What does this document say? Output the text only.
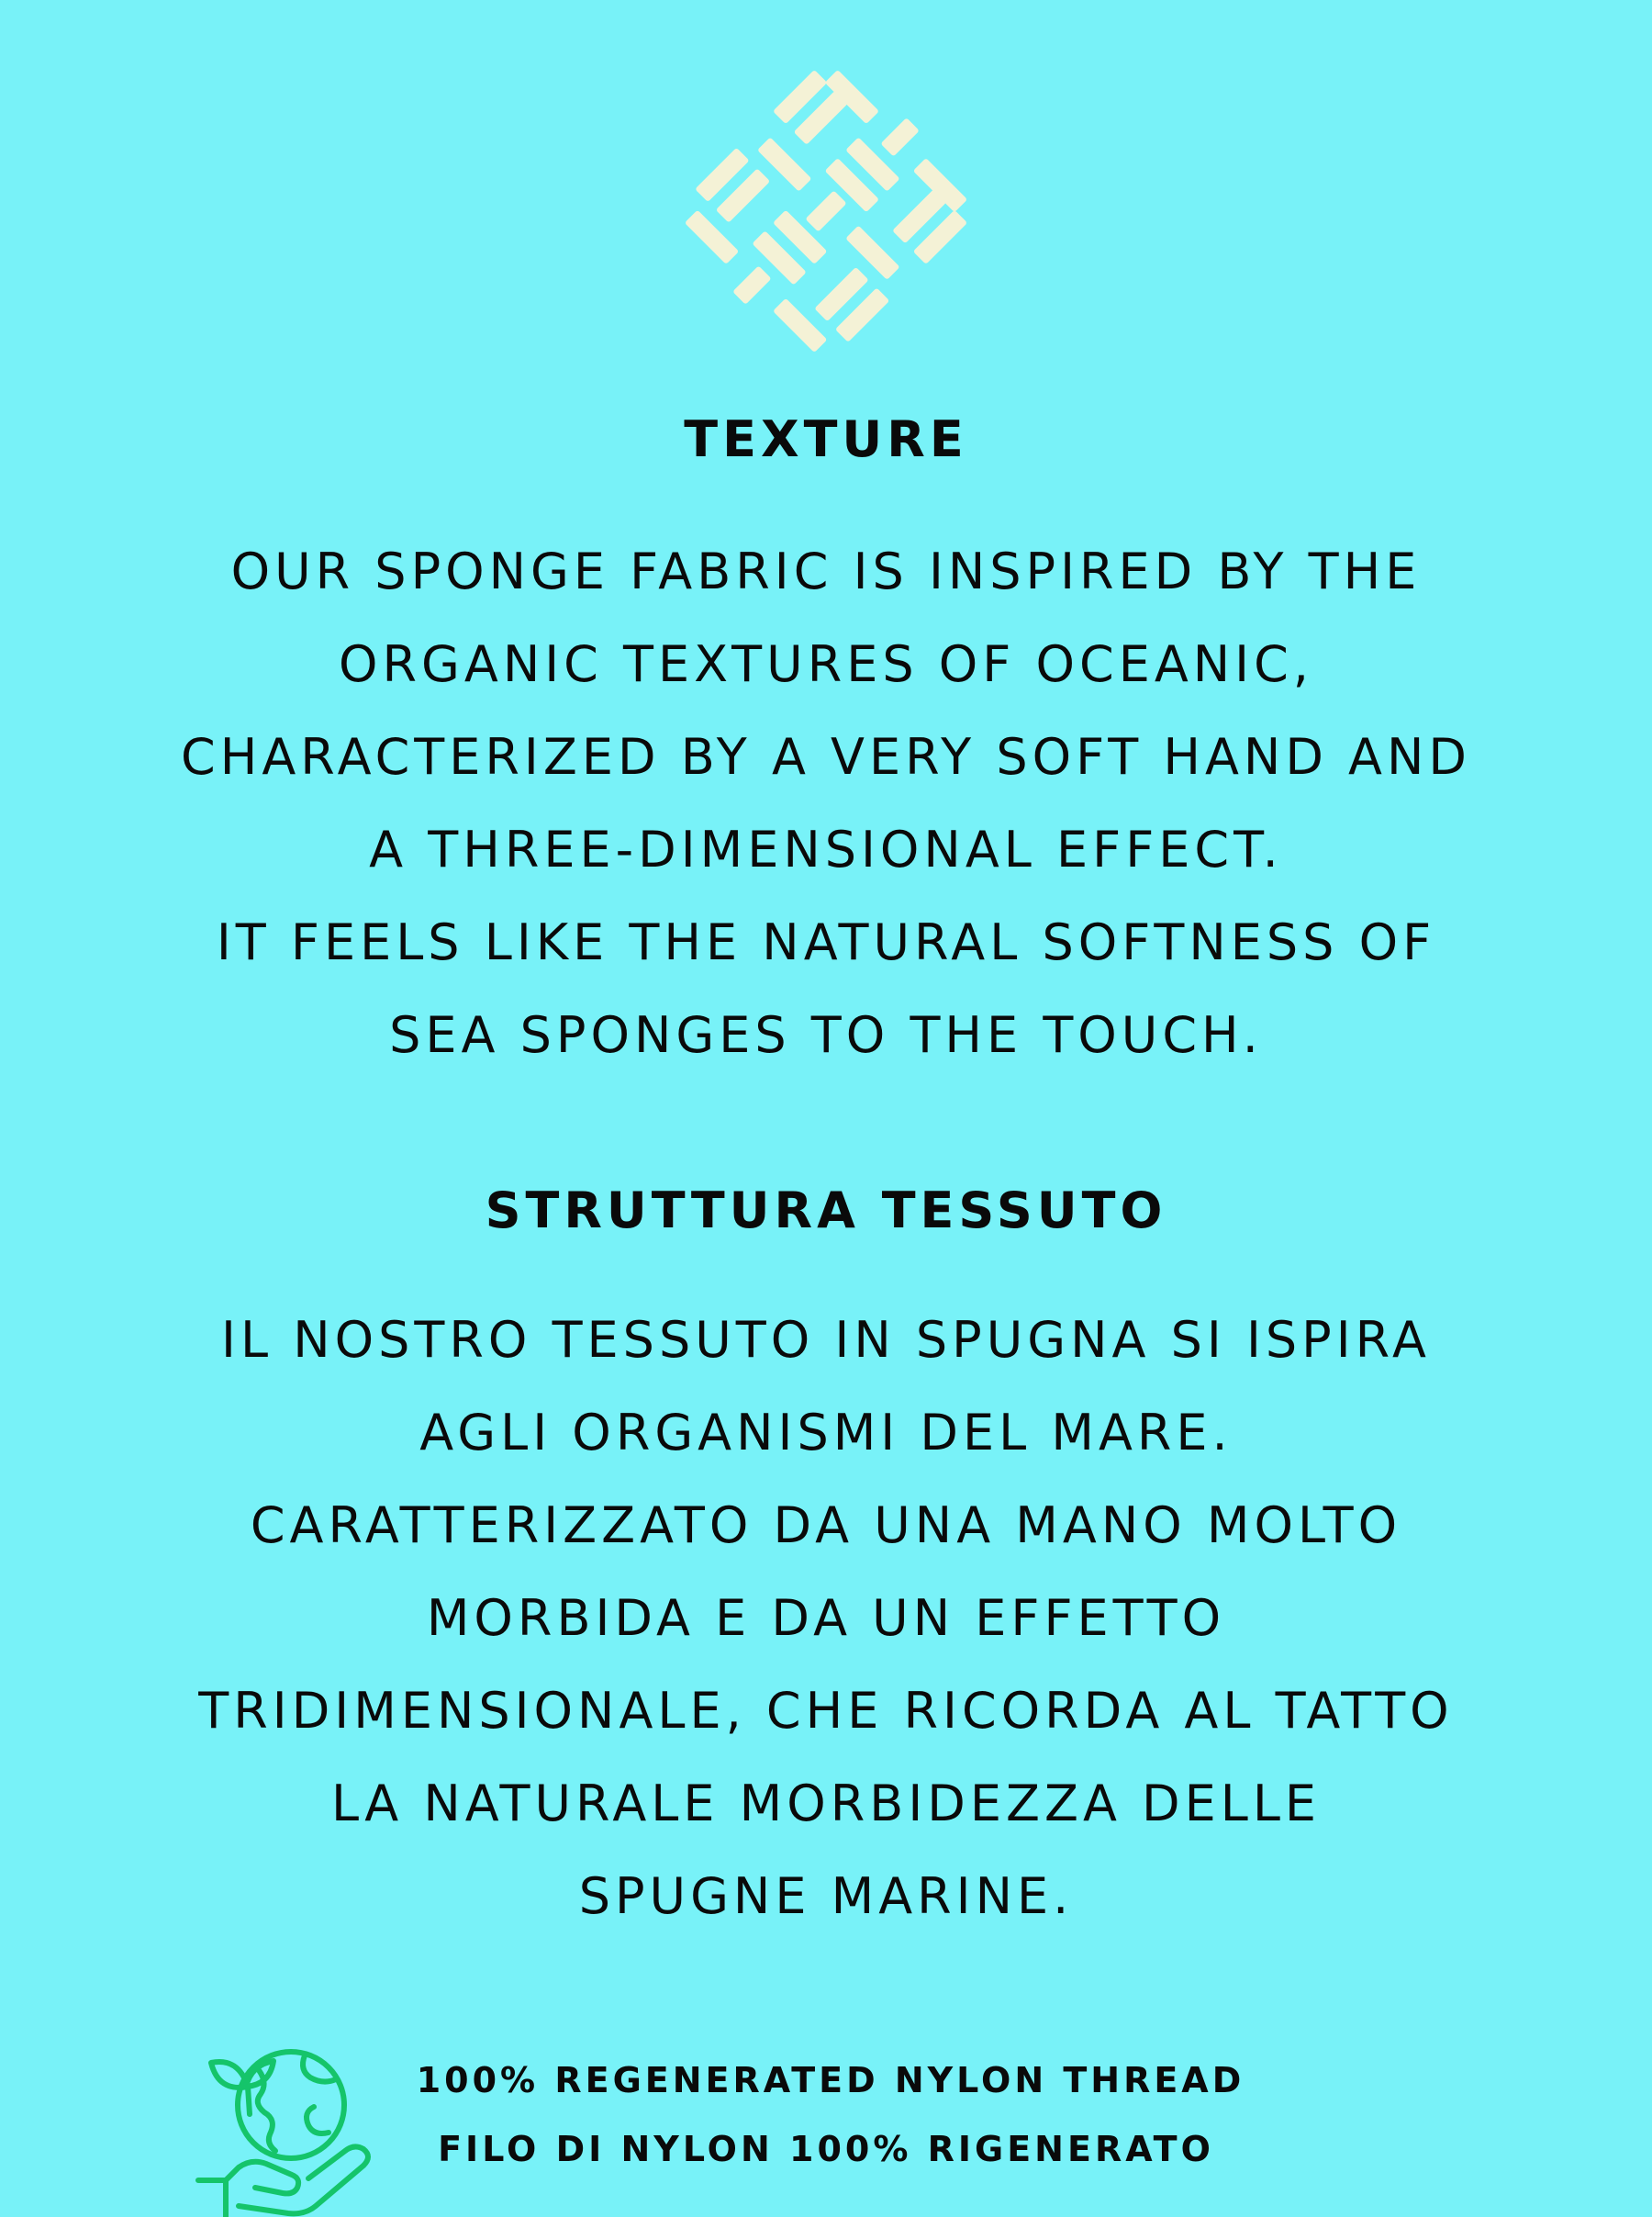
TEXTURE
OUR SPONGE FABRIC IS INSPIRED BY THE
ORGANIC TEXTURES OF OCEANIC,
CHARACTERIZED BY A VERY SOFT HAND AND
A THREE-DIMENSIONAL EFFECT.
IT FEELS LIKE THE NATURAL SOFTNESS OF
SEA SPONGES TO THE TOUCH.
STRUTTURA TESSUTO
IL NOSTRO TESSUTO IN SPUGNA SI ISPIRA
AGLI ORGANISMI DEL MARE.
CARATTERIZZATO DA UNA MANO MOLTO
MORBIDA E DA UN EFFETTO
TRIDIMENSIONALE, CHE RICORDA AL TATTO
LA NATURALE MORBIDEZZA DELLE
SPUGNE MARINE.

100% REGENERATED NYLON THREAD

FILO DI NYLON 100% RIGENERATO
